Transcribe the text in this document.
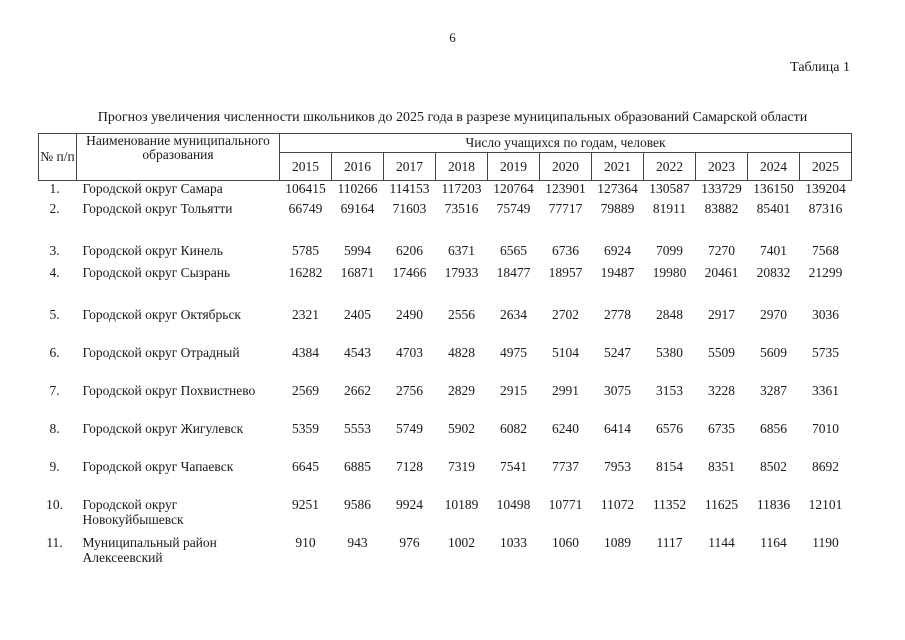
6
Таблица 1
Прогноз увеличения численности школьников до 2025 года в разрезе муниципальных образований Самарской области
№ п/п	Наименование муниципального образования	Число учащихся по годам, человек										
		2015	2016	2017	2018	2019	2020	2021	2022	2023	2024	2025
1.	Городской округ Самара	106415	110266	114153	117203	120764	123901	127364	130587	133729	136150	139204
2.	Городской округ Тольятти	66749	69164	71603	73516	75749	77717	79889	81911	83882	85401	87316
3.	Городской округ Кинель	5785	5994	6206	6371	6565	6736	6924	7099	7270	7401	7568
4.	Городской округ Сызрань	16282	16871	17466	17933	18477	18957	19487	19980	20461	20832	21299
5.	Городской округ Октябрьск	2321	2405	2490	2556	2634	2702	2778	2848	2917	2970	3036
6.	Городской округ Отрадный	4384	4543	4703	4828	4975	5104	5247	5380	5509	5609	5735
7.	Городской округ Похвистнево	2569	2662	2756	2829	2915	2991	3075	3153	3228	3287	3361
8.	Городской округ Жигулевск	5359	5553	5749	5902	6082	6240	6414	6576	6735	6856	7010
9.	Городской округ Чапаевск	6645	6885	7128	7319	7541	7737	7953	8154	8351	8502	8692
10.	Городской округ Новокуйбышевск	9251	9586	9924	10189	10498	10771	11072	11352	11625	11836	12101
11.	Муниципальный район Алексеевский	910	943	976	1002	1033	1060	1089	1117	1144	1164	1190
